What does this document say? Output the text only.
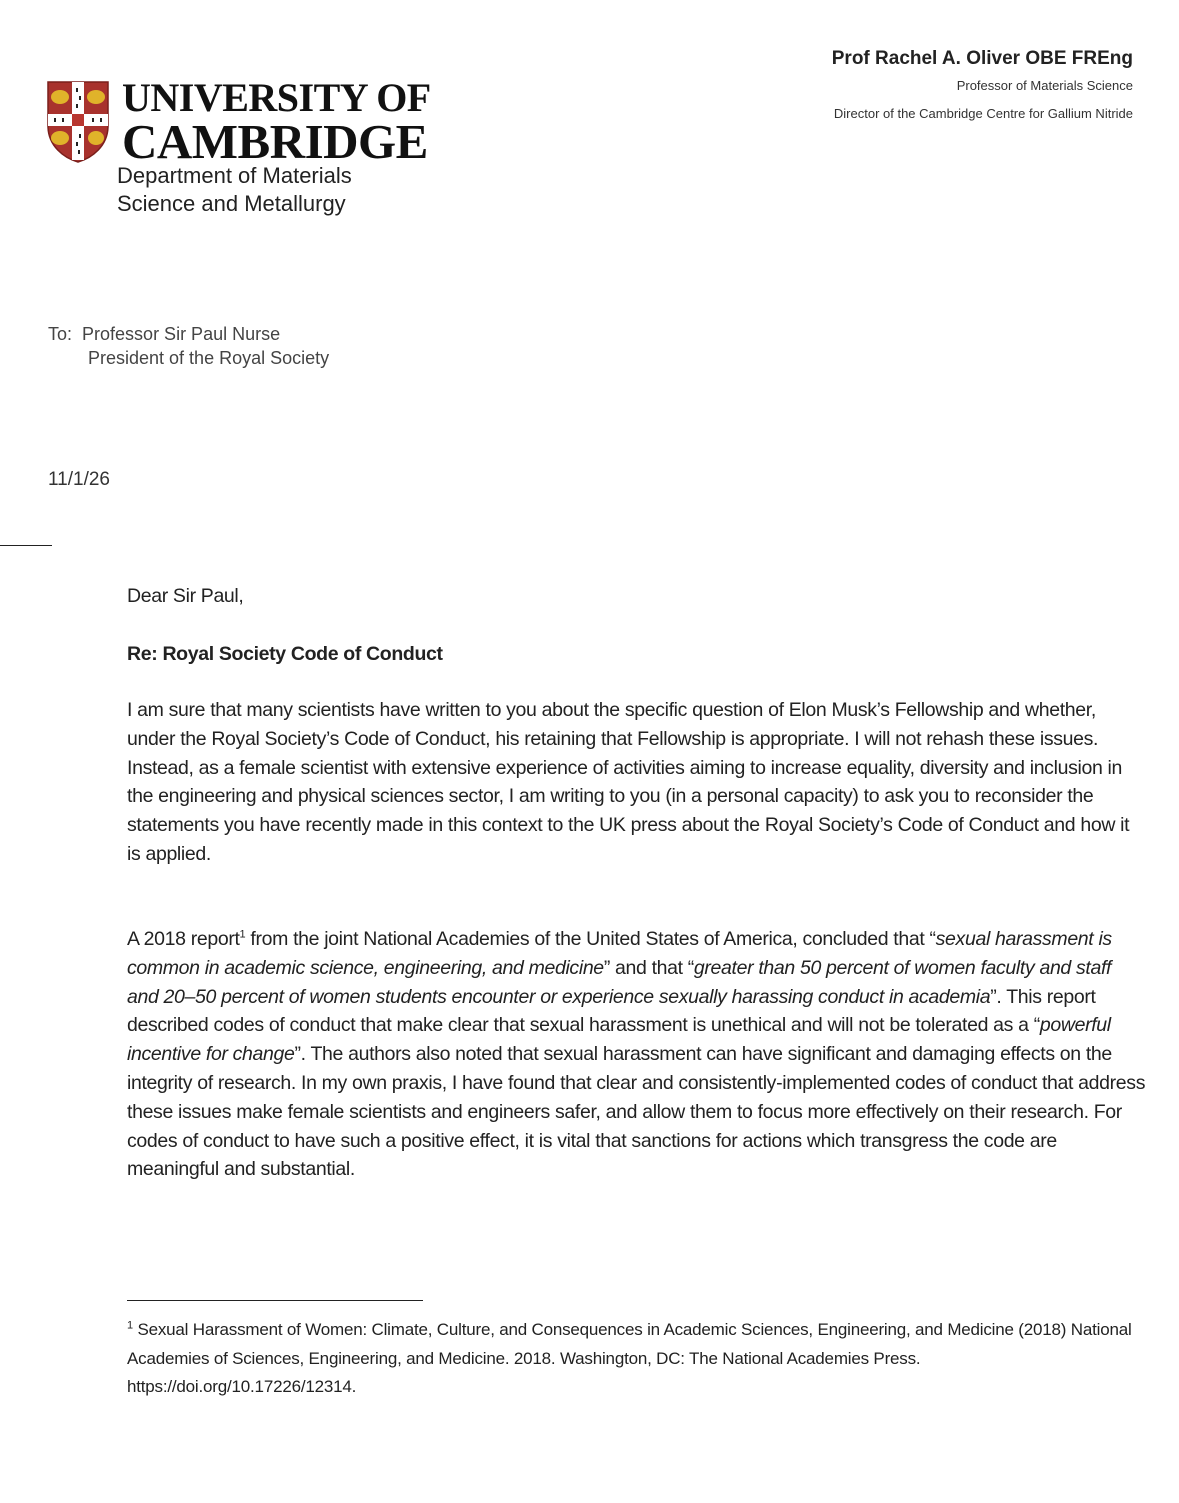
UNIVERSITY OF
CAMBRIDGE
Department of Materials
Science and Metallurgy
Prof Rachel A. Oliver OBE FREng
Professor of Materials Science
Director of the Cambridge Centre for Gallium Nitride
To: Professor Sir Paul Nurse
President of the Royal Society
11/1/26
Dear Sir Paul,
Re: Royal Society Code of Conduct
I am sure that many scientists have written to you about the specific question of Elon Musk’s Fellowship and whether, under the Royal Society’s Code of Conduct, his retaining that Fellowship is appropriate. I will not rehash these issues. Instead, as a female scientist with extensive experience of activities aiming to increase equality, diversity and inclusion in the engineering and physical sciences sector, I am writing to you (in a personal capacity) to ask you to reconsider the statements you have recently made in this context to the UK press about the Royal Society’s Code of Conduct and how it is applied.
A 2018 report$^1$ from the joint National Academies of the United States of America, concluded that “sexual harassment is common in academic science, engineering, and medicine” and that “greater than 50 percent of women faculty and staff and 20–50 percent of women students encounter or experience sexually harassing conduct in academia”. This report described codes of conduct that make clear that sexual harassment is unethical and will not be tolerated as a “powerful incentive for change”. The authors also noted that sexual harassment can have significant and damaging effects on the integrity of research. In my own praxis, I have found that clear and consistently-implemented codes of conduct that address these issues make female scientists and engineers safer, and allow them to focus more effectively on their research. For codes of conduct to have such a positive effect, it is vital that sanctions for actions which transgress the code are meaningful and substantial.
$^1$ Sexual Harassment of Women: Climate, Culture, and Consequences in Academic Sciences, Engineering, and Medicine (2018) National Academies of Sciences, Engineering, and Medicine. 2018. Washington, DC: The National Academies Press. https://doi.org/10.17226/12314.
